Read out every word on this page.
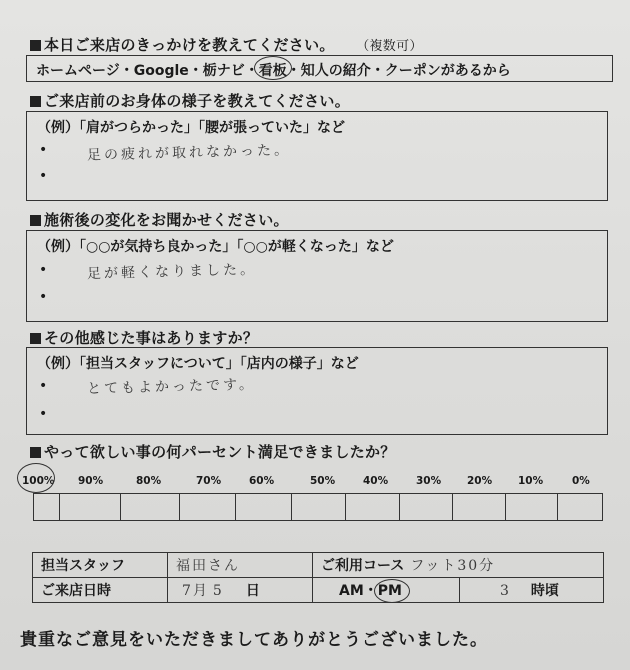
本日ご来店のきっかけを教えてください。 （複数可）
ホームページ・Google・栃ナビ・看板
・知人の紹介・クーポンがあるから
ご来店前のお身体の様子を教えてください。
（例）「肩がつらかった」「腰が張っていた」など
•	足の疲れが取れなかった。
•
施術後の変化をお聞かせください。
（例）「○○が気持ち良かった」「○○が軽くなった」など
•	足が軽くなりました。
•
その他感じた事はありますか？
（例）「担当スタッフについて」「店内の様子」など
•	とてもよかったです。
•
やって欲しい事の何パーセント満足できましたか？
100% 90%	80%	70%	60%	50%	40%	30% 20% 10%	0%
担当スタッフ	福田さん	ご利用コース フット30分	
ご来店日時	7月 5 日	AM・PM	3 時頃
貴重なご意見をいただきましてありがとうございました。
